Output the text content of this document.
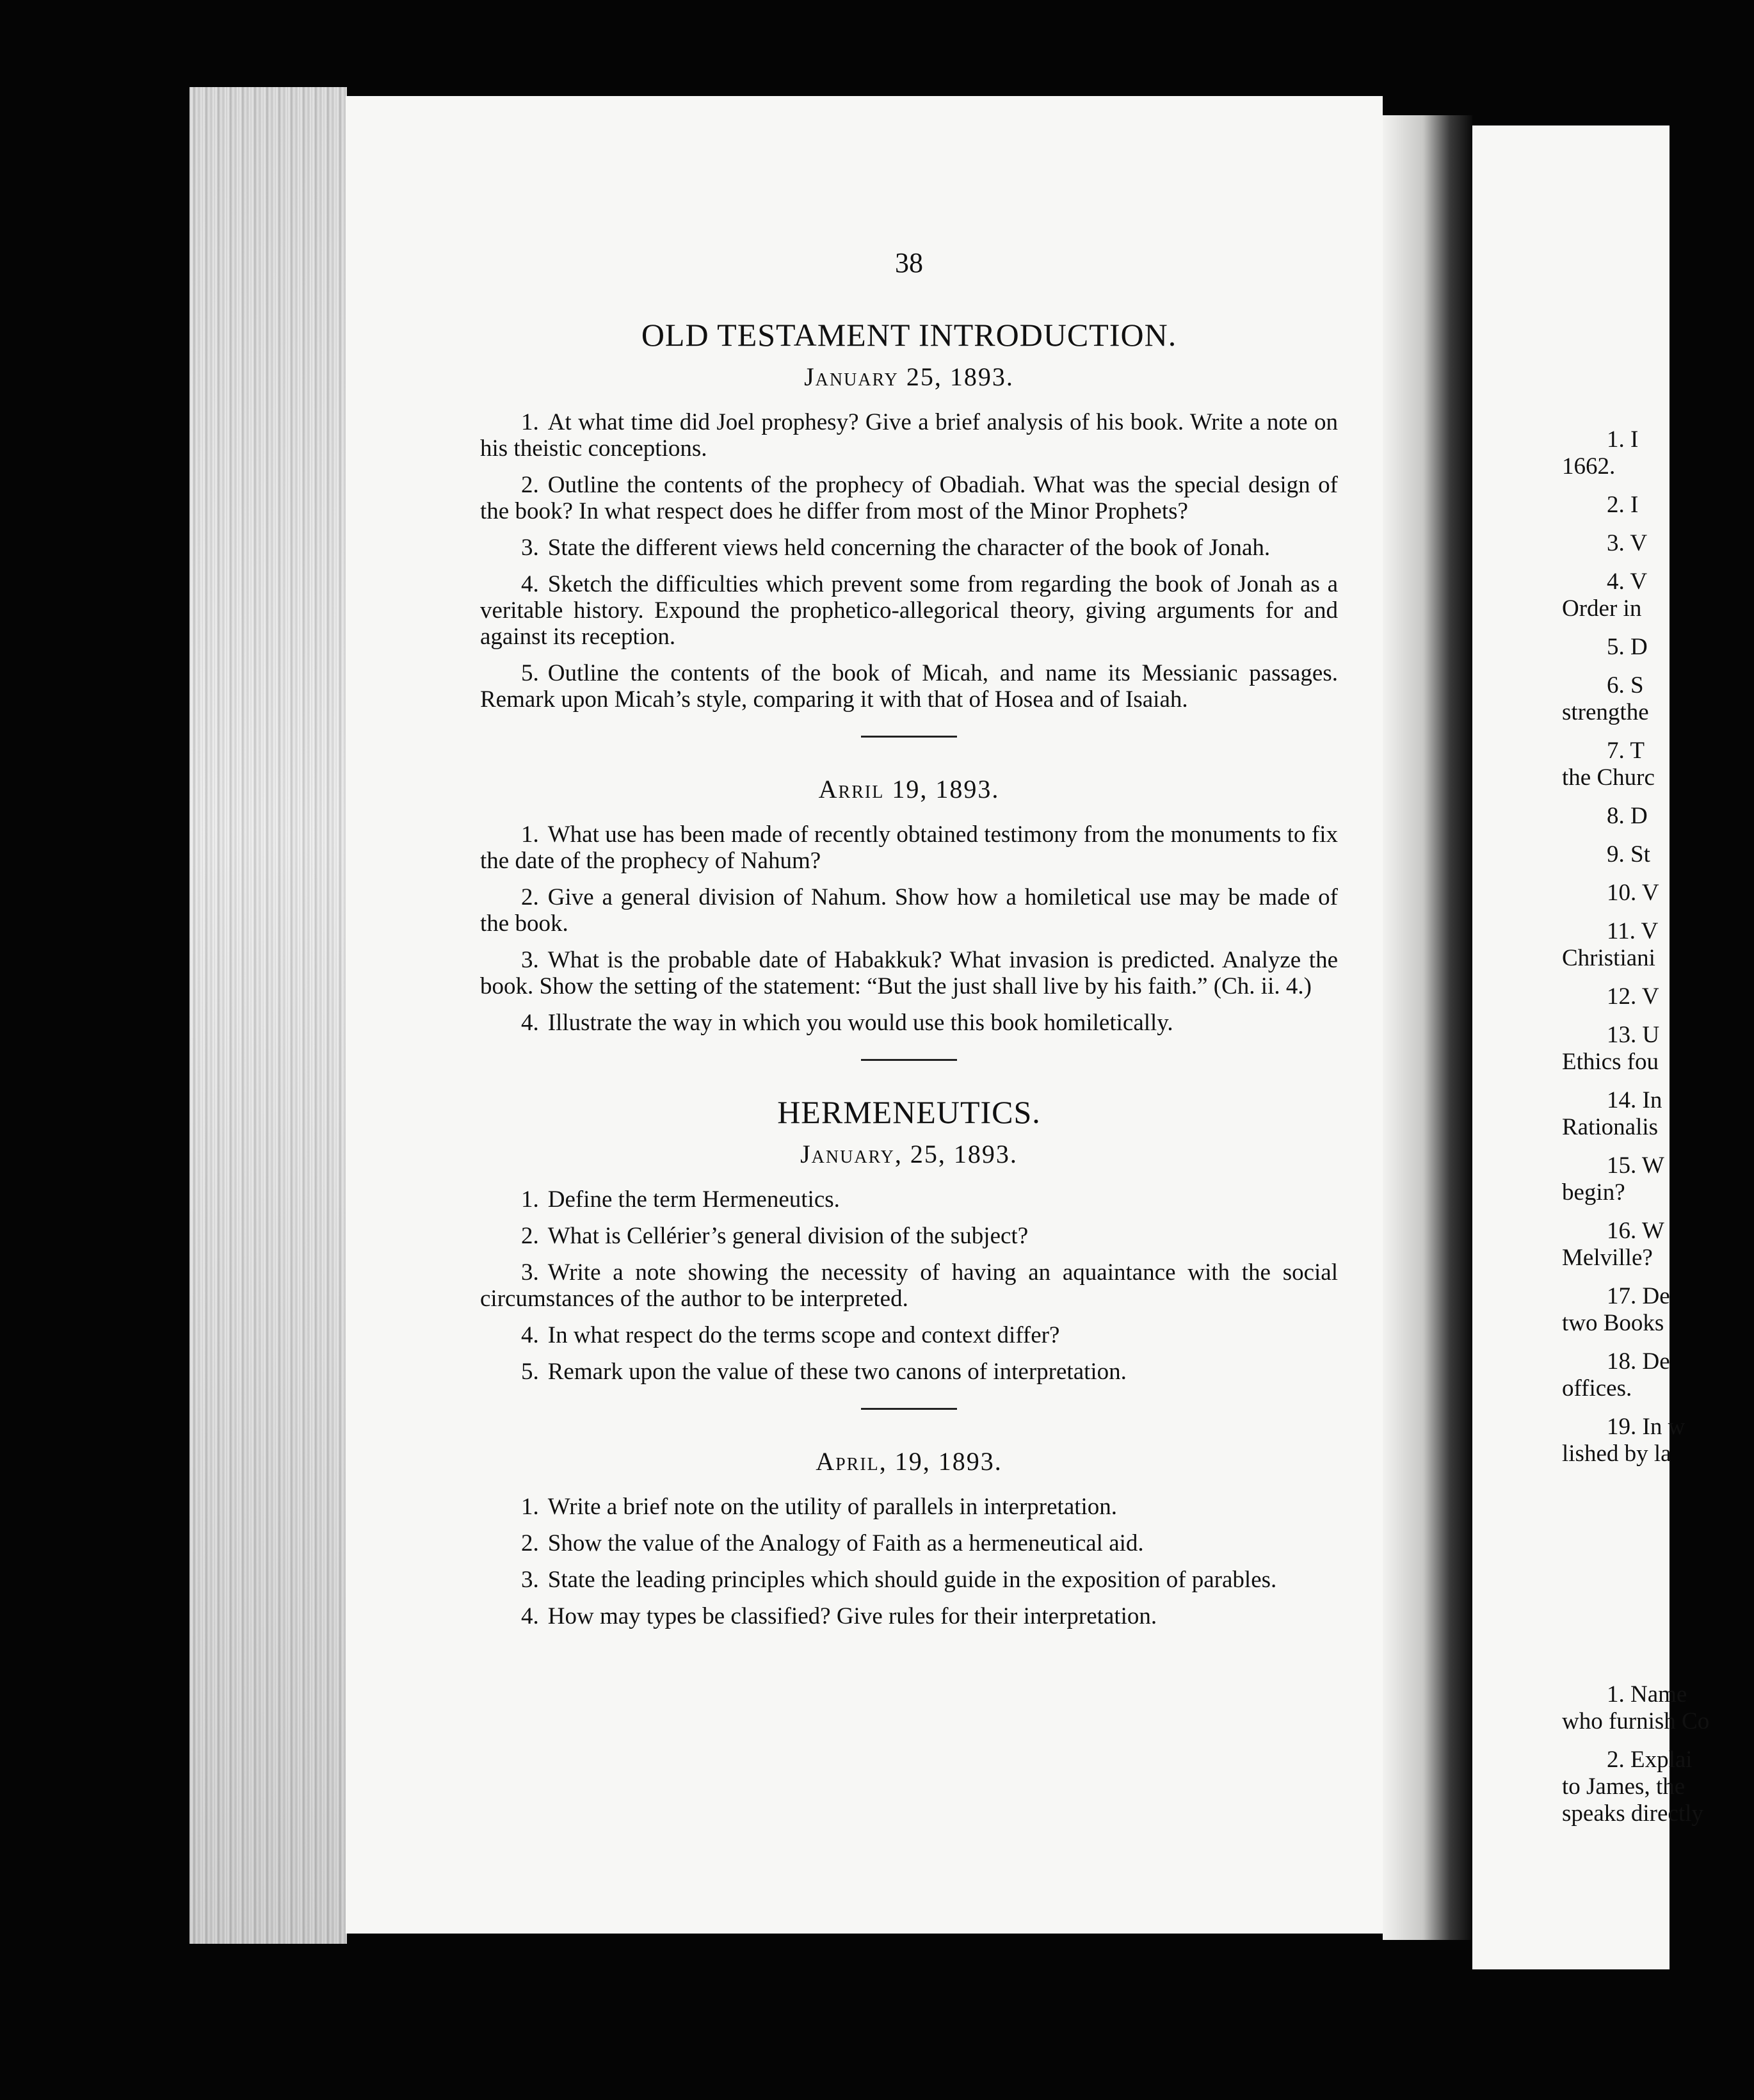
1. I
1662.
2. I
3. V
4. V
Order in
5. D
6. S
strengthe
7. T
the Churc
8. D
9. St
10. V
11. V
Christiani
12. V
13. U
Ethics fou
14. In
Rationalis
15. W
begin?
16. W
Melville?
17. De
two Books
18. De
offices.
19. In w
lished by la
1. Name
who furnish Co
2. Explai
to James, the
speaks directly
38
OLD TESTAMENT INTRODUCTION.
January 25, 1893.
1. At what time did Joel prophesy? Give a brief analysis of his book. Write a note on his theistic conceptions.
2. Outline the contents of the prophecy of Obadiah. What was the special design of the book? In what respect does he differ from most of the Minor Prophets?
3. State the different views held concerning the character of the book of Jonah.
4. Sketch the difficulties which prevent some from regarding the book of Jonah as a veritable history. Expound the prophetico-allegorical theory, giving arguments for and against its reception.
5. Outline the contents of the book of Micah, and name its Messianic passages. Remark upon Micah’s style, comparing it with that of Hosea and of Isaiah.
Arril 19, 1893.
1. What use has been made of recently obtained testimony from the monuments to fix the date of the prophecy of Nahum?
2. Give a general division of Nahum. Show how a homiletical use may be made of the book.
3. What is the probable date of Habakkuk? What invasion is predicted. Analyze the book. Show the setting of the statement: “But the just shall live by his faith.” (Ch. ii. 4.)
4. Illustrate the way in which you would use this book homiletically.
HERMENEUTICS.
January, 25, 1893.
1. Define the term Hermeneutics.
2. What is Cellérier’s general division of the subject?
3. Write a note showing the necessity of having an aquaintance with the social circumstances of the author to be interpreted.
4. In what respect do the terms scope and context differ?
5. Remark upon the value of these two canons of interpretation.
April, 19, 1893.
1. Write a brief note on the utility of parallels in interpretation.
2. Show the value of the Analogy of Faith as a hermeneutical aid.
3. State the leading principles which should guide in the exposition of parables.
4. How may types be classified? Give rules for their interpretation.
